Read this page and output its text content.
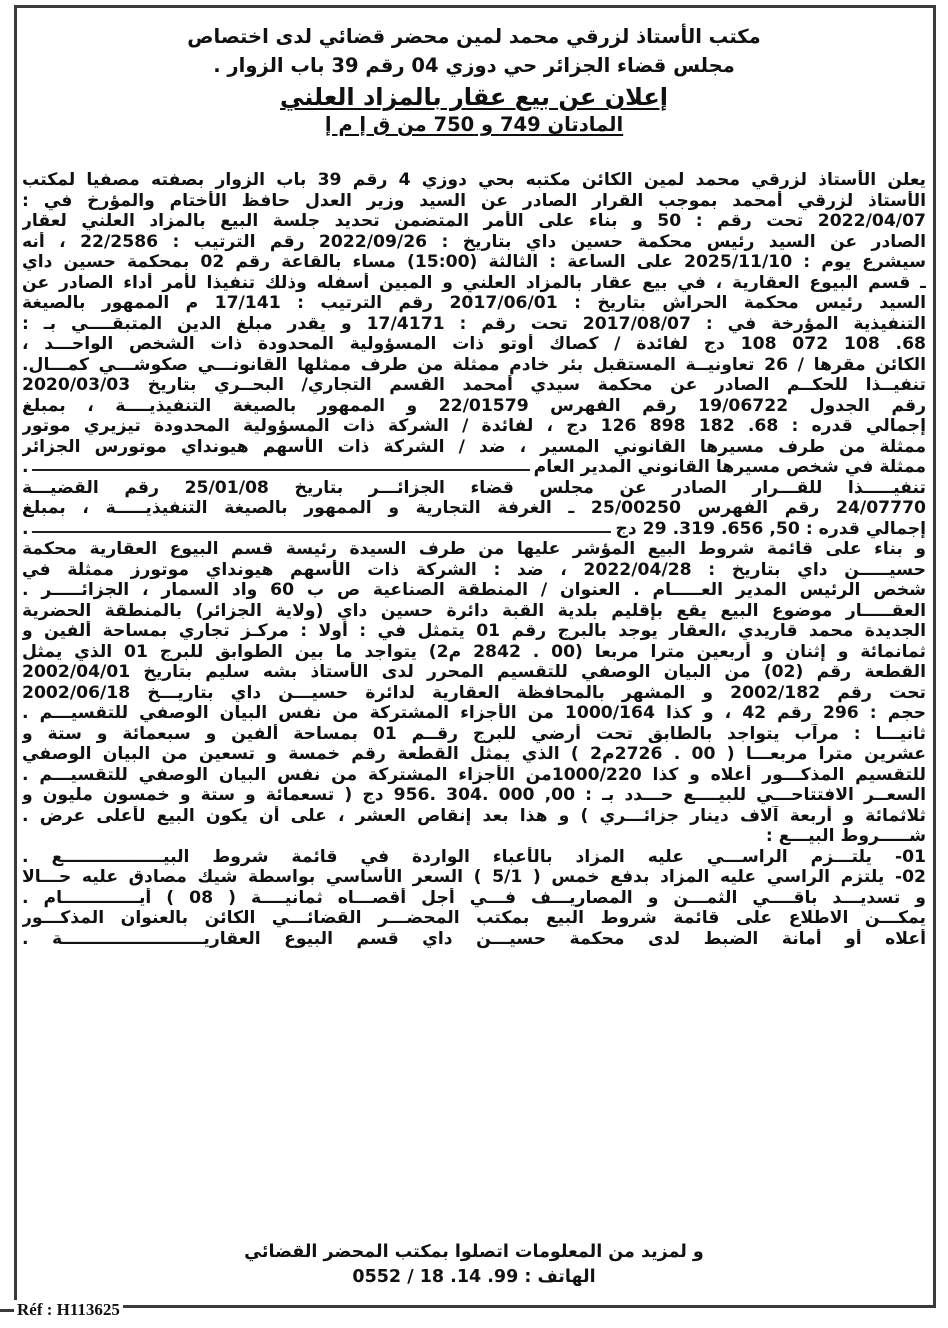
مكتب الأستاذ لزرقي محمد لمين محضر قضائي لدى اختصاص

مجلس قضاء الجزائر حي دوزي 04 رقم 39 باب الزوار .

إعلان عن بيع عقار بالمزاد العلني

المادتان 749 و 750 من ق إ م إ

يعلن الأستاذ لزرقي محمد لمين الكائن مكتبه بحي دوزي 4 رقم 39 باب الزوار بصفته مصفيا لمكتب
الأستاذ لزرقي أمحمد بموجب القرار الصادر عن السيد وزير العدل حافظ الأختام والمؤرخ في :
2022/04/07 تحت رقم : 50 و بناء على الأمر المتضمن تحديد جلسة البيع بالمزاد العلني لعقار
الصادر عن السيد رئيس محكمة حسين داي بتاريخ : 2022/09/26 رقم الترتيب : 22/2586 ، أنه
سيشرع يوم : 2025/11/10 على الساعة : الثالثة (15:00) مساء بالقاعة رقم 02 بمحكمة حسين داي
ـ قسم البيوع العقارية ، في بيع عقار بالمزاد العلني و المبين أسفله وذلك تنفيذا لأمر أداء الصادر عن
السيد رئيس محكمة الحراش بتاريخ : 2017/06/01 رقم الترتيب : 17/141 م الممهور بالصيغة
التنفيذية المؤرخة في : 2017/08/07 تحت رقم : 17/4171 و يقدر مبلغ الدين المتبقــــي بـ :
68. 108 072 108 دج لفائدة / كصاك أوتو ذات المسؤولية المحدودة ذات الشخص الواحـــد ،
الكائن مقرها / 26 تعاونيــة المستقبل بئر خادم ممثلة من طرف ممثلها القانونـــي صكوشـــي كمـــال.
تنفيــذا للحكــم الصادر عن محكمة سيدي أمحمد القسم التجاري/ البحــري بتاريخ 2020/03/03
رقم الجدول 19/06722 رقم الفهرس 22/01579 و الممهور بالصيغة التنفيذيــــة ، بمبلغ
إجمالي قدره : 68. 182 898 126 دج ، لفائدة / الشركة ذات المسؤولية المحدودة تيزيري موتور
ممثلة من طرف مسيرها القانوني المسير ، ضد / الشركة ذات الأسهم هيونداي موتورس الجزائر
ممثلة في شخص مسيرها القانوني المدير العام
.
تنفيـــــذا للقـــرار الصادر عن مجلس قضاء الجزائـــر بتاريخ 25/01/08 رقم القضيـــة
24/07770 رقم الفهرس 25/00250 ـ الغرفة التجارية و الممهور بالصيغة التنفيذيـــــة ، بمبلغ
إجمالي قدره : 50, 656. 319. 29 دج
.
و بناء على قائمة شروط البيع المؤشر عليها من طرف السيدة رئيسة قسم البيوع العقارية محكمة
حسيـــــن داي بتاريخ : 2022/04/28 ، ضد : الشركة ذات الأسهم هيونداي موتورز ممثلة في
شخص الرئيس المدير العـــــام . العنوان / المنطقة الصناعية ص ب 60 واد السمار ، الجزائـــــر .
العقـــــار موضوع البيع يقع بإقليم بلدية القبة دائرة حسين داي (ولاية الجزائر) بالمنطقة الحضرية
الجديدة محمد قاريدي ،العقار يوجد بالبرج رقم 01 يتمثل في : أولا : مركـز تجاري بمساحة ألفين و
ثمانمائة و إثنان و أربعين مترا مربعا (00 . 2842 م2) يتواجد ما بين الطوابق للبرج 01 الذي يمثل
القطعة رقم (02) من البيان الوصفي للتقسيم المحرر لدى الأستاذ بشه سليم بتاريخ 2002/04/01
تحت رقم 2002/182 و المشهر بالمحافظة العقارية لدائرة حسيـــن داي بتاريـــخ 2002/06/18
حجم : 296 رقم 42 ، و كذا 1000/164 من الأجزاء المشتركة من نفس البيان الوصفي للتقسيـــم .
ثانيـــا : مرآب يتواجد بالطابق تحت أرضي للبرج رقــم 01 بمساحة ألفين و سبعمائة و ستة و
عشرين مترا مربعـــا ( 00 . 2726م2 ) الذي يمثل القطعة رقم خمسة و تسعين من البيان الوصفي
للتقسيم المذكـــور أعلاه و كذا 1000/220من الأجزاء المشتركة من نفس البيان الوصفي للتقسيـــم .
السعــر الافتتاحـــي للبيــــع حـــدد بـ : 00, 000 .304 .956 دج ( تسعمائة و ستة و خمسون مليون و
ثلاثمائة و أربعة آلاف دينار جزائـــري ) و هذا بعد إنقاص العشر ، على أن يكون البيع لأعلى عرض .
شـــــروط البيـــع :
01- يلتـــزم الراســـي عليه المزاد بالأعباء الواردة في قائمة شروط البيـــــــــــــــــع .
02- يلتزم الراسي عليه المزاد بدفع خمس ( 5/1 ) السعر الأساسي بواسطة شيك مصادق عليه حـــالا
و تسديـــد باقــــي الثمـــن و المصاريـــف فـــي أجل أقصـــاه ثمانيــــة ( 08 ) أيـــــــــــــام .
يمكـــن الاطلاع على قائمة شروط البيع بمكتب المحضـــر القضائـــي الكائن بالعنوان المذكـــور
أعلاه أو أمانة الضبط لدى محكمة حسيـــن داي قسم البيوع العقاريــــــــــــــــــــــــة .

و لمزيد من المعلومات اتصلوا بمكتب المحضر القضائي

الهاتف : 99. 14. 18 / 0552

Réf : H113625
